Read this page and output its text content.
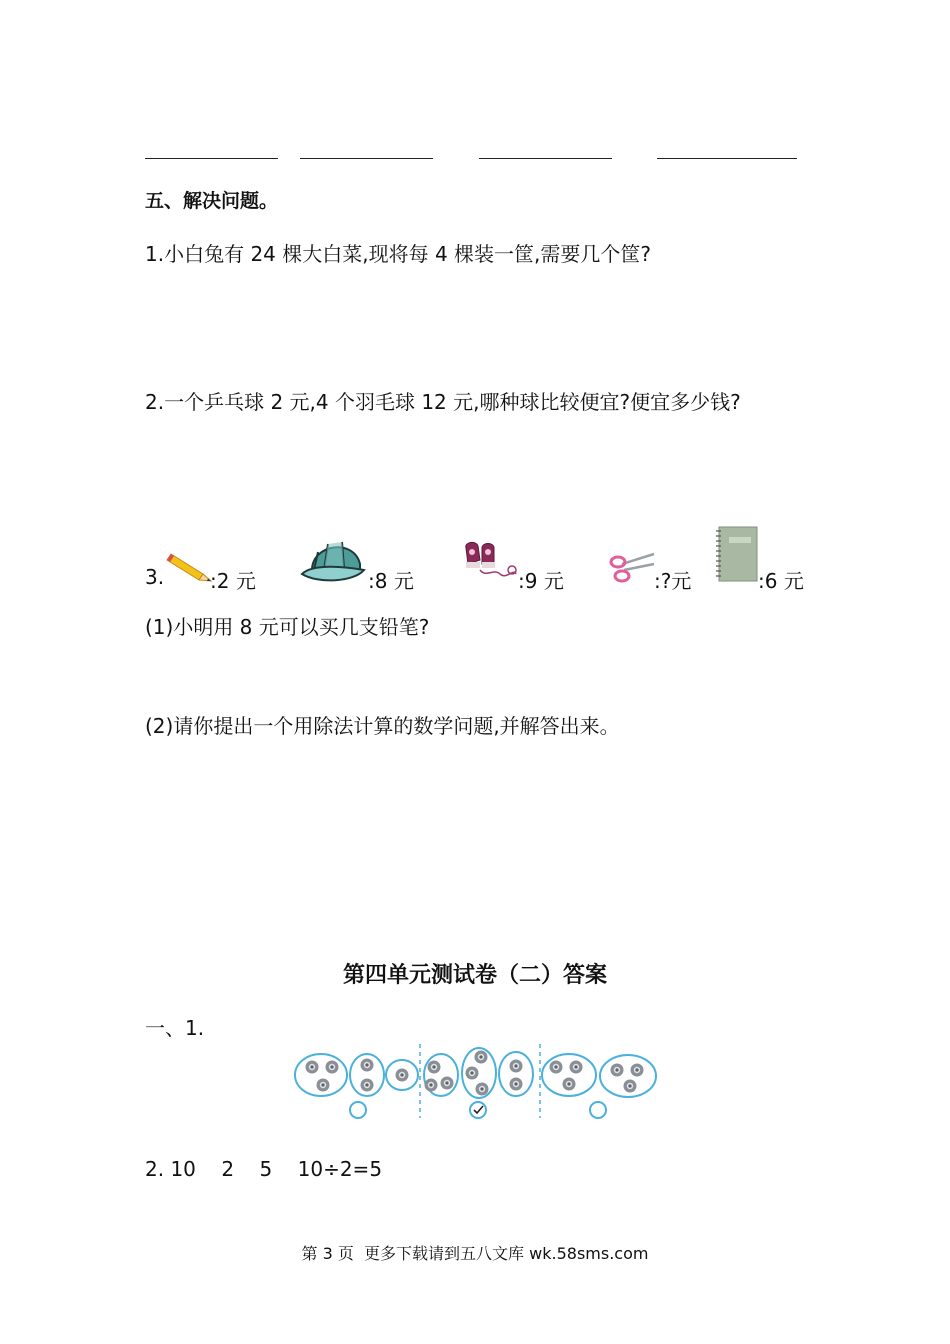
五、解决问题。
1.小白兔有 24 棵大白菜,现将每 4 棵装一筐,需要几个筐?
2.一个乒乓球 2 元,4 个羽毛球 12 元,哪种球比较便宜?便宜多少钱?
3. :2 元	:8 元	:9 元	:?元	:6 元
(1)小明用 8 元可以买几支铅笔?
(2)请你提出一个用除法计算的数学问题,并解答出来。
第四单元测试卷（二）答案
一、1.
2. 10    2    5    10÷2=5
第 3 页  更多下载请到五八文库 wk.58sms.com
